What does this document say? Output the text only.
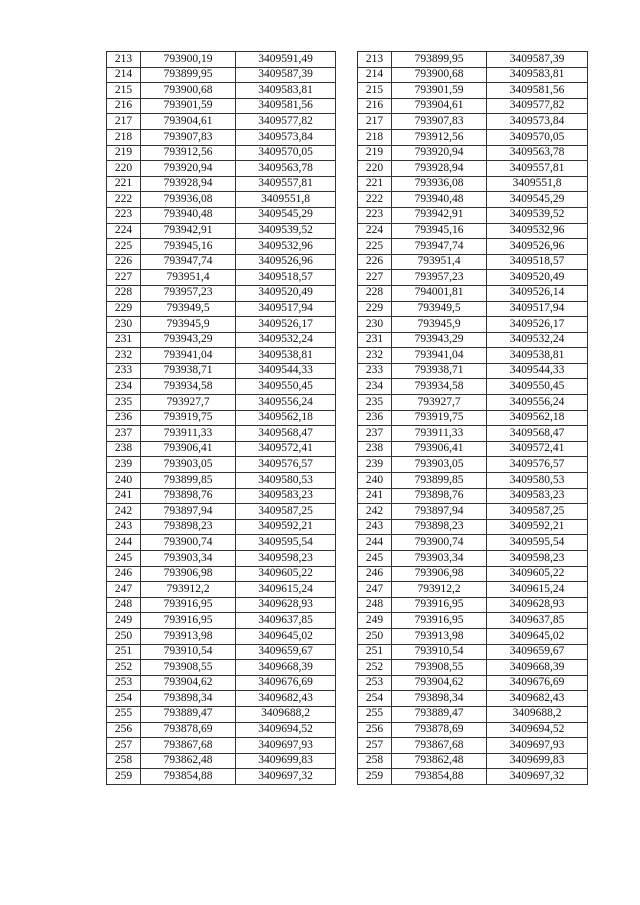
213	793900,19	3409591,49
214	793899,95	3409587,39
215	793900,68	3409583,81
216	793901,59	3409581,56
217	793904,61	3409577,82
218	793907,83	3409573,84
219	793912,56	3409570,05
220	793920,94	3409563,78
221	793928,94	3409557,81
222	793936,08	3409551,8
223	793940,48	3409545,29
224	793942,91	3409539,52
225	793945,16	3409532,96
226	793947,74	3409526,96
227	793951,4	3409518,57
228	793957,23	3409520,49
229	793949,5	3409517,94
230	793945,9	3409526,17
231	793943,29	3409532,24
232	793941,04	3409538,81
233	793938,71	3409544,33
234	793934,58	3409550,45
235	793927,7	3409556,24
236	793919,75	3409562,18
237	793911,33	3409568,47
238	793906,41	3409572,41
239	793903,05	3409576,57
240	793899,85	3409580,53
241	793898,76	3409583,23
242	793897,94	3409587,25
243	793898,23	3409592,21
244	793900,74	3409595,54
245	793903,34	3409598,23
246	793906,98	3409605,22
247	793912,2	3409615,24
248	793916,95	3409628,93
249	793916,95	3409637,85
250	793913,98	3409645,02
251	793910,54	3409659,67
252	793908,55	3409668,39
253	793904,62	3409676,69
254	793898,34	3409682,43
255	793889,47	3409688,2
256	793878,69	3409694,52
257	793867,68	3409697,93
258	793862,48	3409699,83
259	793854,88	3409697,32
213	793899,95	3409587,39
214	793900,68	3409583,81
215	793901,59	3409581,56
216	793904,61	3409577,82
217	793907,83	3409573,84
218	793912,56	3409570,05
219	793920,94	3409563,78
220	793928,94	3409557,81
221	793936,08	3409551,8
222	793940,48	3409545,29
223	793942,91	3409539,52
224	793945,16	3409532,96
225	793947,74	3409526,96
226	793951,4	3409518,57
227	793957,23	3409520,49
228	794001,81	3409526,14
229	793949,5	3409517,94
230	793945,9	3409526,17
231	793943,29	3409532,24
232	793941,04	3409538,81
233	793938,71	3409544,33
234	793934,58	3409550,45
235	793927,7	3409556,24
236	793919,75	3409562,18
237	793911,33	3409568,47
238	793906,41	3409572,41
239	793903,05	3409576,57
240	793899,85	3409580,53
241	793898,76	3409583,23
242	793897,94	3409587,25
243	793898,23	3409592,21
244	793900,74	3409595,54
245	793903,34	3409598,23
246	793906,98	3409605,22
247	793912,2	3409615,24
248	793916,95	3409628,93
249	793916,95	3409637,85
250	793913,98	3409645,02
251	793910,54	3409659,67
252	793908,55	3409668,39
253	793904,62	3409676,69
254	793898,34	3409682,43
255	793889,47	3409688,2
256	793878,69	3409694,52
257	793867,68	3409697,93
258	793862,48	3409699,83
259	793854,88	3409697,32
